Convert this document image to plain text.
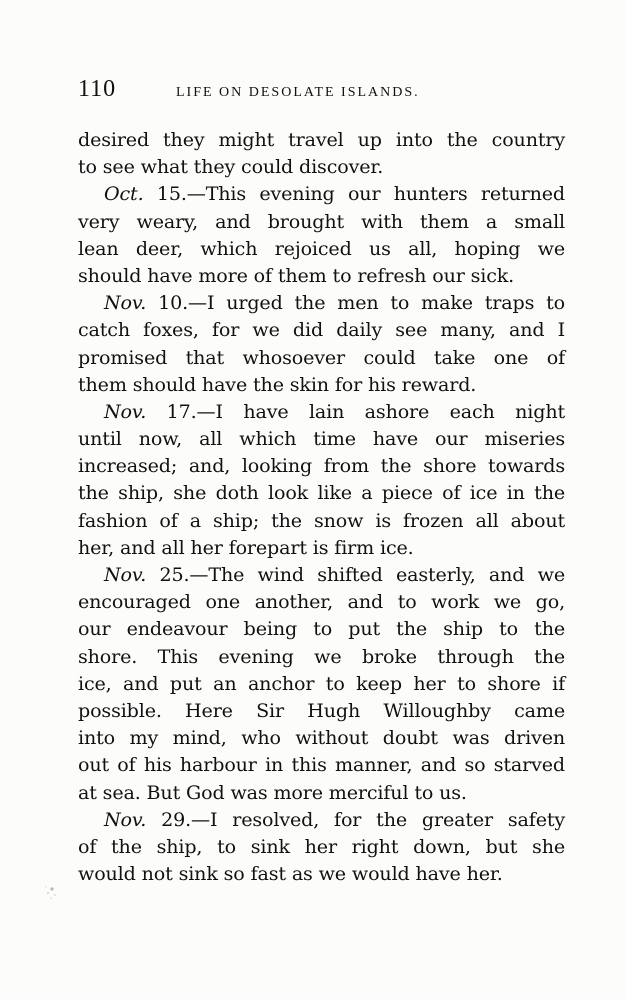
110	LIFE ON DESOLATE ISLANDS.
desired they might travel up into the country
to see what they could discover.
Oct. 15.—This evening our hunters returned
very weary, and brought with them a small
lean deer, which rejoiced us all, hoping we
should have more of them to refresh our sick.
Nov. 10.—I urged the men to make traps to
catch foxes, for we did daily see many, and I
promised that whosoever could take one of
them should have the skin for his reward.
Nov. 17.—I have lain ashore each night
until now, all which time have our miseries
increased; and, looking from the shore towards
the ship, she doth look like a piece of ice in the
fashion of a ship; the snow is frozen all about
her, and all her forepart is firm ice.
Nov. 25.—The wind shifted easterly, and we
encouraged one another, and to work we go,
our endeavour being to put the ship to the
shore. This evening we broke through the
ice, and put an anchor to keep her to shore if
possible. Here Sir Hugh Willoughby came
into my mind, who without doubt was driven
out of his harbour in this manner, and so starved
at sea. But God was more merciful to us.
Nov. 29.—I resolved, for the greater safety
of the ship, to sink her right down, but she
would not sink so fast as we would have her.
